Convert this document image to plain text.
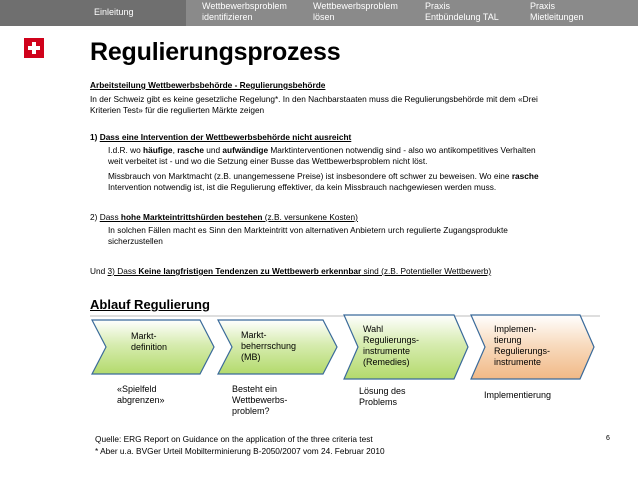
Einleitung
Wettbewerbsproblem
identifizieren
Wettbewerbsproblem
lösen
Praxis
Entbündelung TAL
Praxis
Mietleitungen
Regulierungsprozess
Arbeitsteilung Wettbewerbsbehörde - Regulierungsbehörde
In der Schweiz gibt es keine gesetzliche Regelung*. In den Nachbarstaaten muss die Regulierungsbehörde mit dem «Drei
Kriterien Test» für die regulierten Märkte zeigen
1) Dass eine Intervention der Wettbewerbsbehörde nicht ausreicht
I.d.R. wo häufige, rasche und aufwändige Marktinterventionen notwendig sind - also wo antikompetitives Verhalten
weit verbeitet ist - und wo die Setzung einer Busse das Wettbewerbsproblem nicht löst.
Missbrauch von Marktmacht (z.B. unangemessene Preise) ist insbesondere oft schwer zu beweisen. Wo eine rasche
Intervention notwendig ist, ist die Regulierung effektiver, da kein Missbrauch nachgewiesen werden muss.
2) Dass hohe Markteintrittshürden bestehen (z.B. versunkene Kosten)
In solchen Fällen macht es Sinn den Markteintritt von alternativen Anbietern urch regulierte Zugangsprodukte
sicherzustellen
Und 3) Dass Keine langfristigen Tendenzen zu Wettbewerb erkennbar sind (z.B. Potentieller Wettbewerb)
Ablauf Regulierung
Markt-
definition
Markt-
beherrschung
(MB)
Wahl
Regulierungs-
instrumente
(Remedies)
Implemen-
tierung
Regulierungs-
instrumente
«Spielfeld
abgrenzen»
Besteht ein
Wettbewerbs-
problem?
Lösung des
Problems
Implementierung
Quelle: ERG Report on Guidance on the application of the three criteria test
* Aber u.a. BVGer Urteil Mobilterminierung B-2050/2007 vom 24. Februar 2010
6
